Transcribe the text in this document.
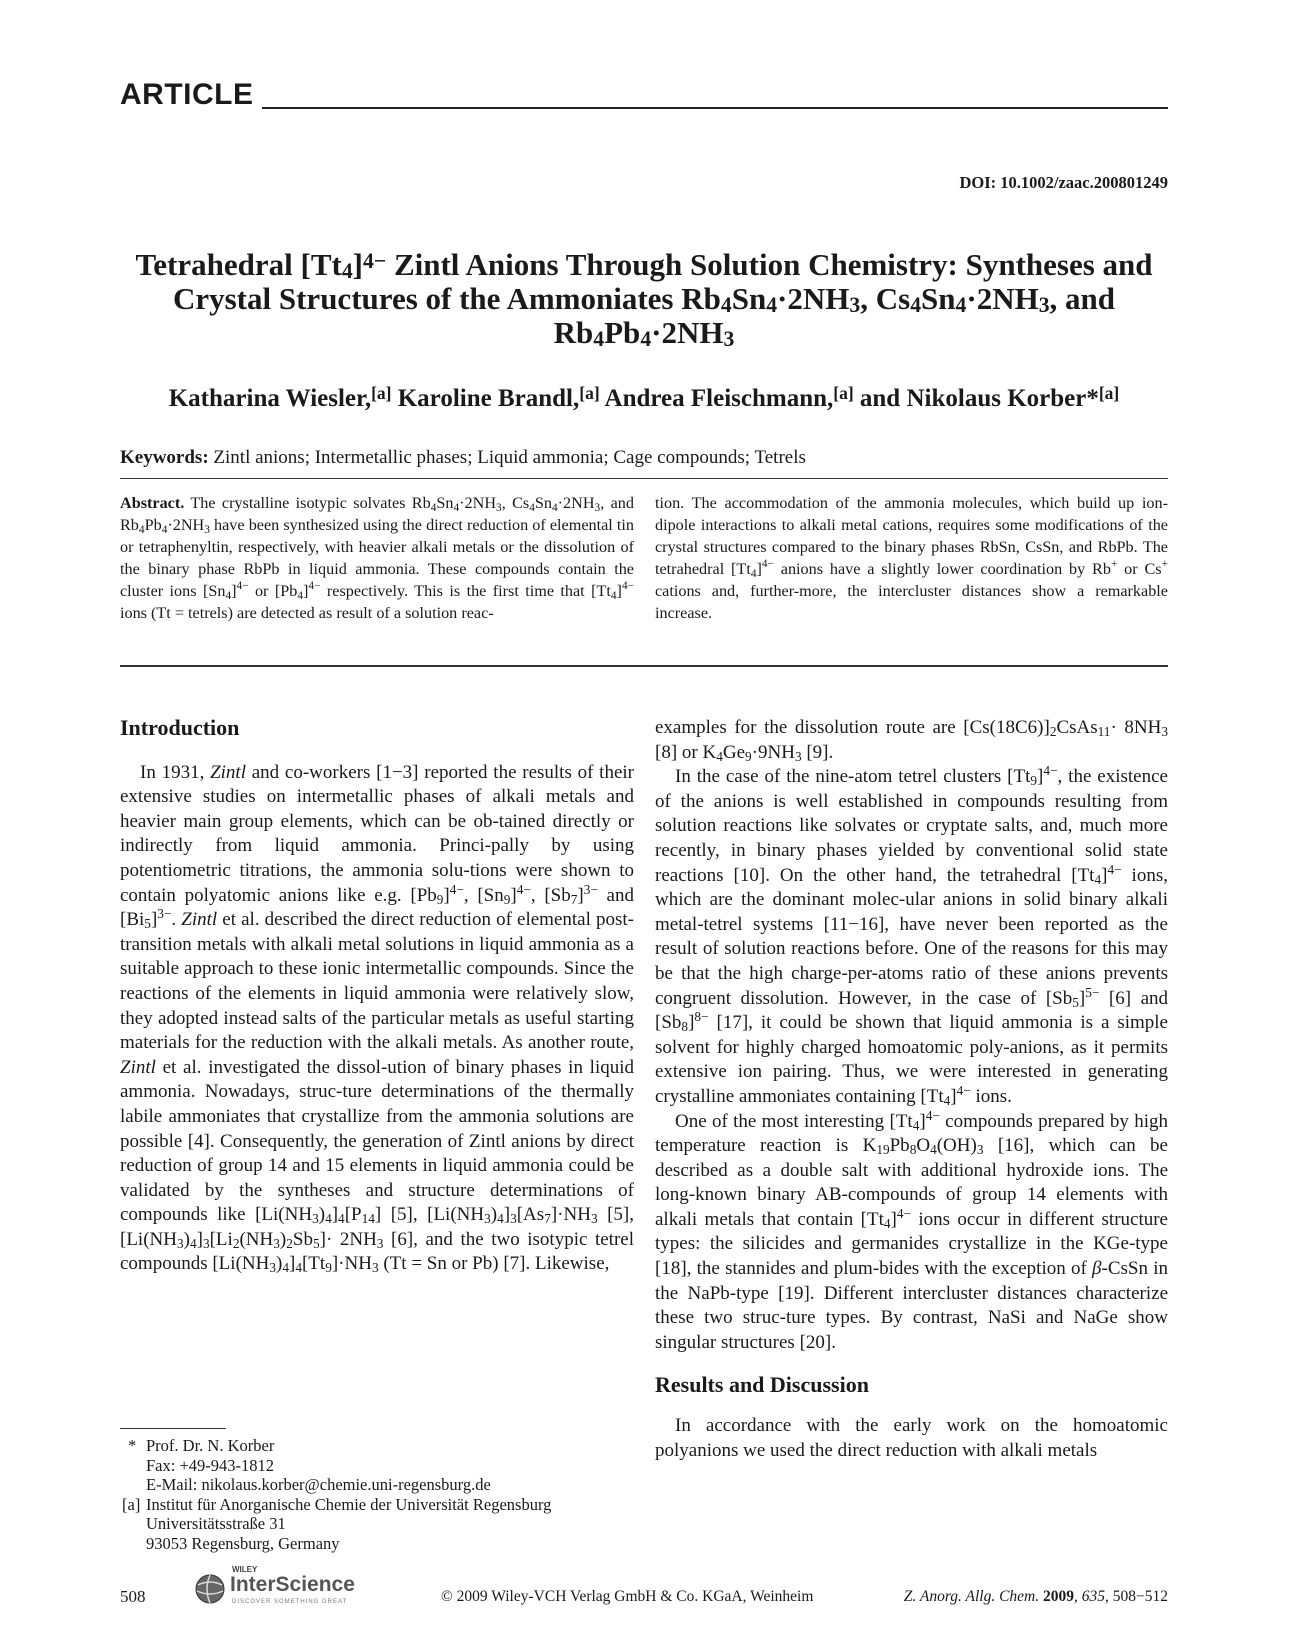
ARTICLE
DOI: 10.1002/zaac.200801249
Tetrahedral $[Tt_4]^{4-}$ Zintl Anions Through Solution Chemistry: Syntheses and
Crystal Structures of the Ammoniates $Rb_4Sn_4\cdot 2NH_3$, $Cs_4Sn_4\cdot 2NH_3$, and
$Rb_4Pb_4\cdot 2NH_3$
Katharina Wiesler,[a] Karoline Brandl,[a] Andrea Fleischmann,[a] and Nikolaus Korber*[a]
Keywords: Zintl anions; Intermetallic phases; Liquid ammonia; Cage compounds; Tetrels
Abstract. The crystalline isotypic solvates $Rb_4Sn_4\cdot 2NH_3$, $Cs_4Sn_4\cdot 2NH_3$, and $Rb_4Pb_4\cdot 2NH_3$ have been synthesized using the direct reduction of elemental tin or tetraphenyltin, respectively, with heavier alkali metals or the dissolution of the binary phase RbPb in liquid ammonia. These compounds contain the cluster ions $[Sn_4]^{4-}$ or $[Pb_4]^{4-}$ respectively. This is the first time that $[Tt_4]^{4-}$ ions (Tt = tetrels) are detected as result of a solution reac-
tion. The accommodation of the ammonia molecules, which build up ion-dipole interactions to alkali metal cations, requires some modifications of the crystal structures compared to the binary phases RbSn, CsSn, and RbPb. The tetrahedral $[Tt_4]^{4-}$ anions have a slightly lower coordination by Rb+ or Cs+ cations and, further-more, the intercluster distances show a remarkable increase.
Introduction

In 1931, Zintl and co-workers [1−3] reported the results of their extensive studies on intermetallic phases of alkali metals and heavier main group elements, which can be ob-tained directly or indirectly from liquid ammonia. Princi-pally by using potentiometric titrations, the ammonia solu-tions were shown to contain polyatomic anions like e.g. $[Pb_9]^{4-}$, $[Sn_9]^{4-}$, $[Sb_7]^{3-}$ and $[Bi_5]^{3-}$. Zintl et al. described the direct reduction of elemental post-transition metals with alkali metal solutions in liquid ammonia as a suitable approach to these ionic intermetallic compounds. Since the reactions of the elements in liquid ammonia were relatively slow, they adopted instead salts of the particular metals as useful starting materials for the reduction with the alkali metals. As another route, Zintl et al. investigated the dissol-ution of binary phases in liquid ammonia. Nowadays, struc-ture determinations of the thermally labile ammoniates that crystallize from the ammonia solutions are possible [4]. Consequently, the generation of Zintl anions by direct reduction of group 14 and 15 elements in liquid ammonia could be validated by the syntheses and structure determinations of compounds like $[Li(NH_3)_4]_4[P_{14}]$ [5], $[Li(NH_3)_4]_3[As_7]\cdot NH_3$ [5], $[Li(NH_3)_4]_3[Li_2(NH_3)_2Sb_5]\cdot 2NH_3$ [6], and the two isotypic tetrel compounds $[Li(NH_3)_4]_4[Tt_9]\cdot NH_3$ (Tt = Sn or Pb) [7]. Likewise,

examples for the dissolution route are $[Cs(18C6)]_2CsAs_{11}\cdot 8NH_3$ [8] or $K_4Ge_9\cdot 9NH_3$ [9].

In the case of the nine-atom tetrel clusters $[Tt_9]^{4-}$, the existence of the anions is well established in compounds resulting from solution reactions like solvates or cryptate salts, and, much more recently, in binary phases yielded by conventional solid state reactions [10]. On the other hand, the tetrahedral $[Tt_4]^{4-}$ ions, which are the dominant molec-ular anions in solid binary alkali metal-tetrel systems [11−16], have never been reported as the result of solution reactions before. One of the reasons for this may be that the high charge-per-atoms ratio of these anions prevents congruent dissolution. However, in the case of $[Sb_5]^{5-}$ [6] and $[Sb_8]^{8-}$ [17], it could be shown that liquid ammonia is a simple solvent for highly charged homoatomic poly-anions, as it permits extensive ion pairing. Thus, we were interested in generating crystalline ammoniates containing $[Tt_4]^{4-}$ ions.

One of the most interesting $[Tt_4]^{4-}$ compounds prepared by high temperature reaction is $K_{19}Pb_8O_4(OH)_3$ [16], which can be described as a double salt with additional hydroxide ions. The long-known binary AB-compounds of group 14 elements with alkali metals that contain $[Tt_4]^{4-}$ ions occur in different structure types: the silicides and germanides crystallize in the KGe-type [18], the stannides and plum-bides with the exception of β-CsSn in the NaPb-type [19]. Different intercluster distances characterize these two struc-ture types. By contrast, NaSi and NaGe show singular structures [20].

Results and Discussion

In accordance with the early work on the homoatomic polyanions we used the direct reduction with alkali metals

* Prof. Dr. N. Korber
Fax: +49-943-1812
E-Mail: nikolaus.korber@chemie.uni-regensburg.de
[a] Institut für Anorganische Chemie der Universität Regensburg
Universitätsstraße 31
93053 Regensburg, Germany
508
WILEY
InterScience
DISCOVER SOMETHING GREAT	© 2009 Wiley-VCH Verlag GmbH & Co. KGaA, Weinheim	Z. Anorg. Allg. Chem. 2009, 635, 508−512
